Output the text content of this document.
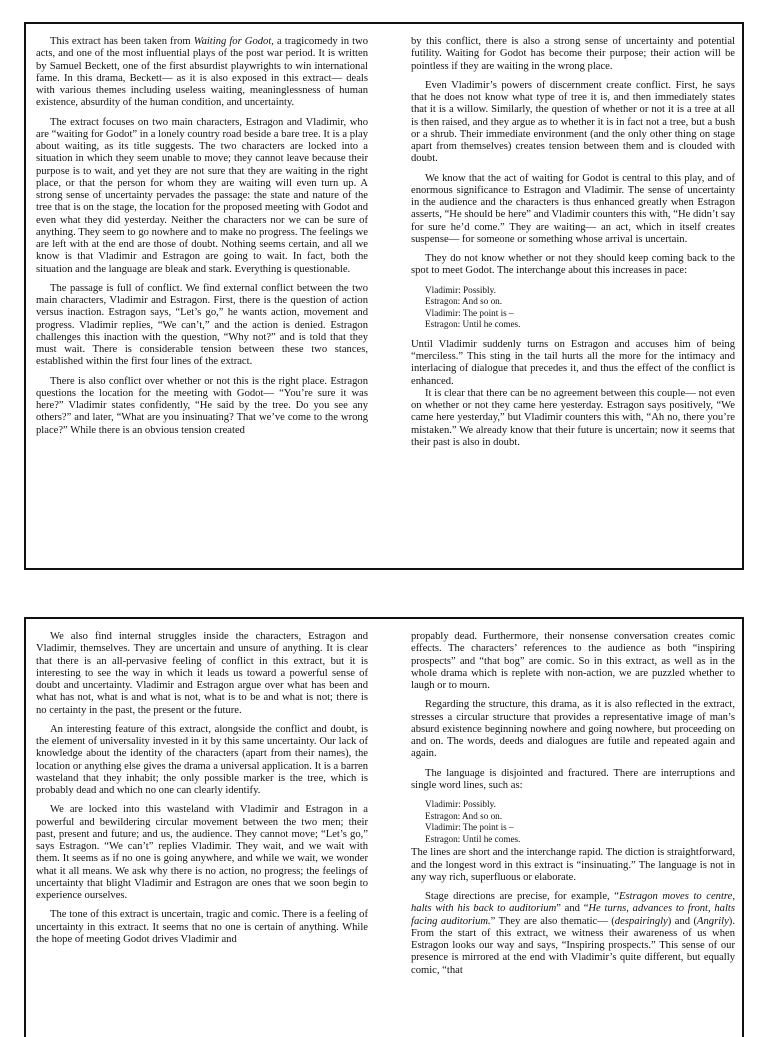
This extract has been taken from Waiting for Godot, a tragicomedy in two acts, and one of the most influential plays of the post war period. It is written by Samuel Beckett, one of the first absurdist playwrights to win international fame. In this drama, Beckett— as it is also exposed in this extract— deals with various themes including useless waiting, meaninglessness of human existence, absurdity of the human condition, and uncertainty.

The extract focuses on two main characters, Estragon and Vladimir, who are “waiting for Godot” in a lonely country road beside a bare tree. It is a play about waiting, as its title suggests. The two characters are locked into a situation in which they seem unable to move; they cannot leave because their purpose is to wait, and yet they are not sure that they are waiting in the right place, or that the person for whom they are waiting will even turn up. A strong sense of uncertainty pervades the passage: the state and nature of the tree that is on the stage, the location for the proposed meeting with Godot and even what they did yesterday. Neither the characters nor we can be sure of anything. They seem to go nowhere and to make no progress. The feelings we are left with at the end are those of doubt. Nothing seems certain, and all we know is that Vladimir and Estragon are going to wait. In fact, both the situation and the language are bleak and stark. Everything is questionable.

The passage is full of conflict. We find external conflict between the two main characters, Vladimir and Estragon. First, there is the question of action versus inaction. Estragon says, “Let’s go,” he wants action, movement and progress. Vladimir replies, “We can’t,” and the action is denied. Estragon challenges this inaction with the question, “Why not?” and is told that they must wait. There is considerable tension between these two stances, established within the first four lines of the extract.

There is also conflict over whether or not this is the right place. Estragon questions the location for the meeting with Godot— “You’re sure it was here?” Vladimir states confidently, “He said by the tree. Do you see any others?” and later, “What are you insinuating? That we’ve come to the wrong place?” While there is an obvious tension created

by this conflict, there is also a strong sense of uncertainty and potential futility. Waiting for Godot has become their purpose; their action will be pointless if they are waiting in the wrong place.

Even Vladimir’s powers of discernment create conflict. First, he says that he does not know what type of tree it is, and then immediately states that it is a willow. Similarly, the question of whether or not it is a tree at all is then raised, and they argue as to whether it is in fact not a tree, but a bush or a shrub. Their immediate environment (and the only other thing on stage apart from themselves) creates tension between them and is clouded with doubt.

We know that the act of waiting for Godot is central to this play, and of enormous significance to Estragon and Vladimir. The sense of uncertainty in the audience and the characters is thus enhanced greatly when Estragon asserts, “He should be here” and Vladimir counters this with, “He didn’t say for sure he’d come.” They are waiting— an act, which in itself creates suspense— for someone or something whose arrival is uncertain.

They do not know whether or not they should keep coming back to the spot to meet Godot. The interchange about this increases in pace:

Vladimir: Possibly.
Estragon: And so on.
Vladimir: The point is –
Estragon: Until he comes.

Until Vladimir suddenly turns on Estragon and accuses him of being “merciless.” This sting in the tail hurts all the more for the intimacy and interlacing of dialogue that precedes it, and thus the effect of the conflict is enhanced.

It is clear that there can be no agreement between this couple— not even on whether or not they came here yesterday. Estragon says positively, “We came here yesterday,” but Vladimir counters this with, “Ah no, there you’re mistaken.” We already know that their future is uncertain; now it seems that their past is also in doubt.

We also find internal struggles inside the characters, Estragon and Vladimir, themselves. They are uncertain and unsure of anything. It is clear that there is an all-pervasive feeling of conflict in this extract, but it is interesting to see the way in which it leads us toward a powerful sense of doubt and uncertainty. Vladimir and Estragon argue over what has been and what has not, what is and what is not, what is to be and what is not; there is no certainty in the past, the present or the future.

An interesting feature of this extract, alongside the conflict and doubt, is the element of universality invested in it by this same uncertainty. Our lack of knowledge about the identity of the characters (apart from their names), the location or anything else gives the drama a universal application. It is a barren wasteland that they inhabit; the only possible marker is the tree, which is probably dead and which no one can clearly identify.

We are locked into this wasteland with Vladimir and Estragon in a powerful and bewildering circular movement between the two men; their past, present and future; and us, the audience. They cannot move; “Let’s go,” says Estragon. “We can’t” replies Vladimir. They wait, and we wait with them. It seems as if no one is going anywhere, and while we wait, we wonder what it all means. We ask why there is no action, no progress; the feelings of uncertainty that blight Vladimir and Estragon are ones that we soon begin to experience ourselves.

The tone of this extract is uncertain, tragic and comic. There is a feeling of uncertainty in this extract. It seems that no one is certain of anything. While the hope of meeting Godot drives Vladimir and

propably dead. Furthermore, their nonsense conversation creates comic effects. The characters’ references to the audience as both “inspiring prospects” and “that bog” are comic. So in this extract, as well as in the whole drama which is replete with non-action, we are puzzled whether to laugh or to mourn.

Regarding the structure, this drama, as it is also reflected in the extract, stresses a circular structure that provides a representative image of man’s absurd existence beginning nowhere and going nowhere, but proceeding on and on. The words, deeds and dialogues are futile and repeated again and again.

The language is disjointed and fractured. There are interruptions and single word lines, such as:

Vladimir: Possibly.
Estragon: And so on.
Vladimir: The point is –
Estragon: Until he comes.

The lines are short and the interchange rapid. The diction is straightforward, and the longest word in this extract is “insinuating.” The language is not in any way rich, superfluous or elaborate.

Stage directions are precise, for example, “Estragon moves to centre, halts with his back to auditorium” and “He turns, advances to front, halts facing auditorium.” They are also thematic— (despairingly) and (Angrily). From the start of this extract, we witness their awareness of us when Estragon looks our way and says, “Inspiring prospects.” This sense of our presence is mirrored at the end with Vladimir’s quite different, but equally comic, “that
